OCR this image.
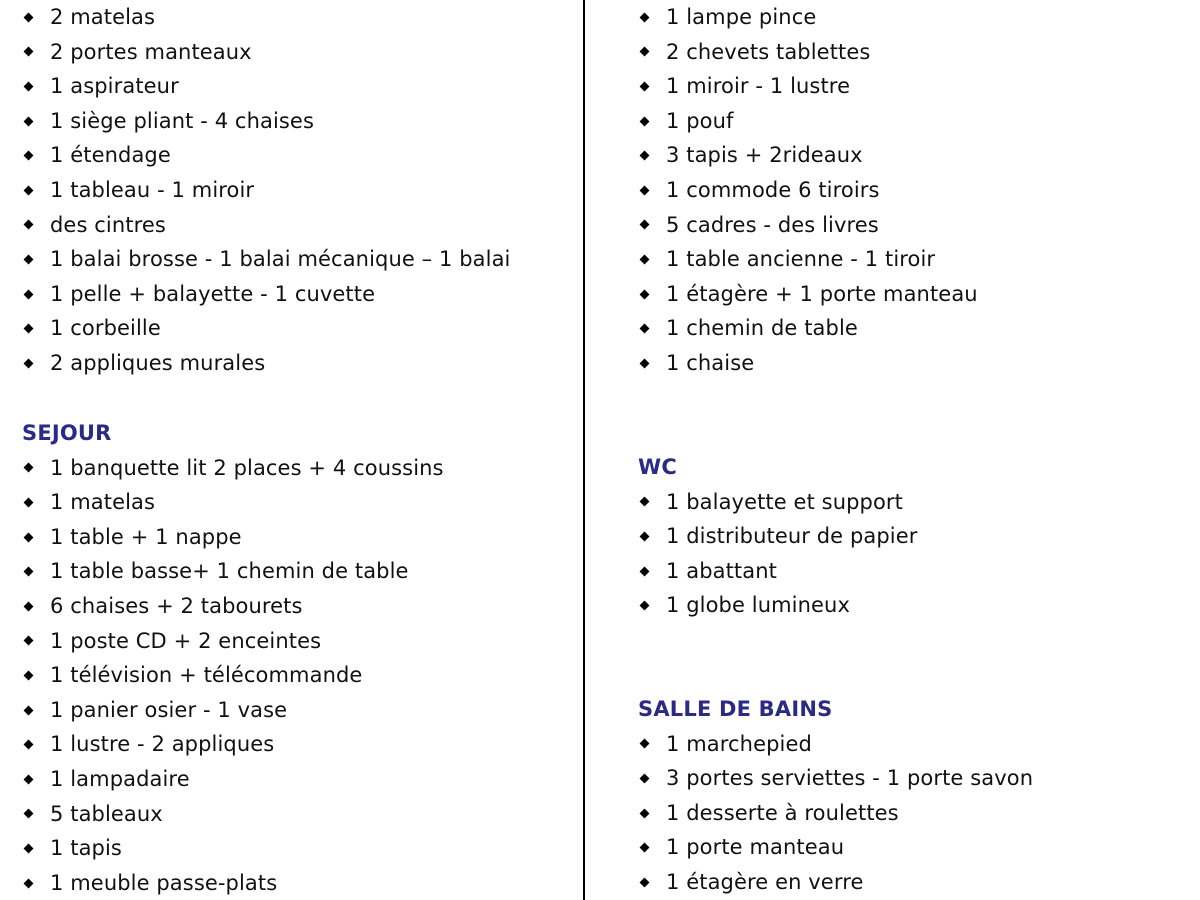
2 matelas
2 portes manteaux
1 aspirateur
1 siège pliant - 4 chaises
1 étendage
1 tableau - 1 miroir
des cintres
1 balai brosse - 1 balai mécanique – 1 balai
1 pelle + balayette - 1 cuvette
1 corbeille
2 appliques murales
SEJOUR
1 banquette lit 2 places + 4 coussins
1 matelas
1 table + 1 nappe
1 table basse+ 1 chemin de table
6 chaises + 2 tabourets
1 poste CD + 2 enceintes
1 télévision + télécommande
1 panier osier - 1 vase
1 lustre - 2 appliques
1 lampadaire
5 tableaux
1 tapis
1 meuble passe-plats
1 lampe pince
2 chevets tablettes
1 miroir - 1 lustre
1 pouf
3 tapis + 2rideaux
1 commode 6 tiroirs
5 cadres - des livres
1 table ancienne - 1 tiroir
1 étagère + 1 porte manteau
1 chemin de table
1 chaise
WC
1 balayette et support
1 distributeur de papier
1 abattant
1 globe lumineux
SALLE DE BAINS
1 marchepied
3 portes serviettes - 1 porte savon
1 desserte à roulettes
1 porte manteau
1 étagère en verre
